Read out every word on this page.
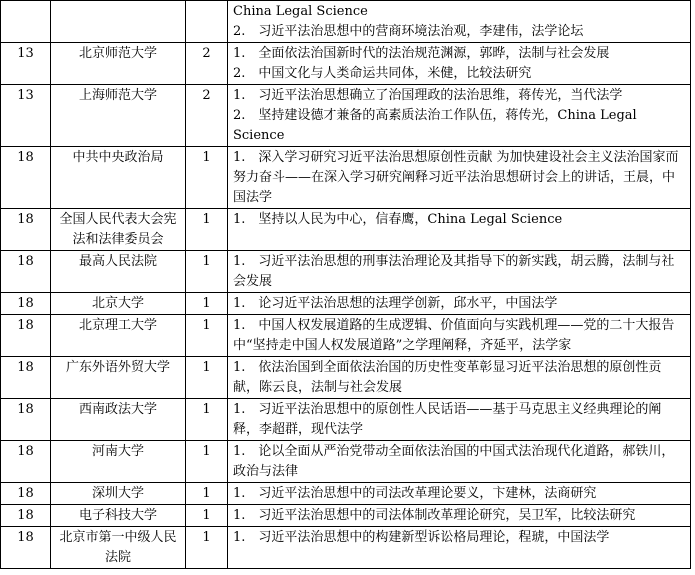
			China Legal Science
2.　习近平法治思想中的营商环境法治观，李建伟，法学论坛

13	北京师范大学	2	1.　全面依法治国新时代的法治规范渊源，郭晔，法制与社会发展
2.　中国文化与人类命运共同体，米健，比较法研究

13	上海师范大学	2	1.　习近平法治思想确立了治国理政的法治思维，蒋传光，当代法学
2.　坚持建设德才兼备的高素质法治工作队伍，蒋传光，China Legal Science

18	中共中央政治局	1	1.　深入学习研究习近平法治思想原创性贡献 为加快建设社会主义法治国家而努力奋斗——在深入学习研究阐释习近平法治思想研讨会上的讲话，王晨，中国法学

18	全国人民代表大会宪法和法律委员会	1	1.　坚持以人民为中心，信春鹰，China Legal Science

18	最高人民法院	1	1.　习近平法治思想的刑事法治理论及其指导下的新实践，胡云腾，法制与社会发展

18	北京大学	1	1.　论习近平法治思想的法理学创新，邱水平，中国法学

18	北京理工大学	1	1.　中国人权发展道路的生成逻辑、价值面向与实践机理——党的二十大报告中“坚持走中国人权发展道路”之学理阐释，齐延平，法学家

18	广东外语外贸大学	1	1.　依法治国到全面依法治国的历史性变革彰显习近平法治思想的原创性贡献，陈云良，法制与社会发展

18	西南政法大学	1	1.　习近平法治思想中的原创性人民话语——基于马克思主义经典理论的阐释，李超群，现代法学

18	河南大学	1	1.　论以全面从严治党带动全面依法治国的中国式法治现代化道路，郝铁川，政治与法律

18	深圳大学	1	1.　习近平法治思想中的司法改革理论要义，卞建林，法商研究

18	电子科技大学	1	1.　习近平法治思想中的司法体制改革理论研究，吴卫军，比较法研究

18	北京市第一中级人民法院	1	1.　习近平法治思想中的构建新型诉讼格局理论，程琥，中国法学
